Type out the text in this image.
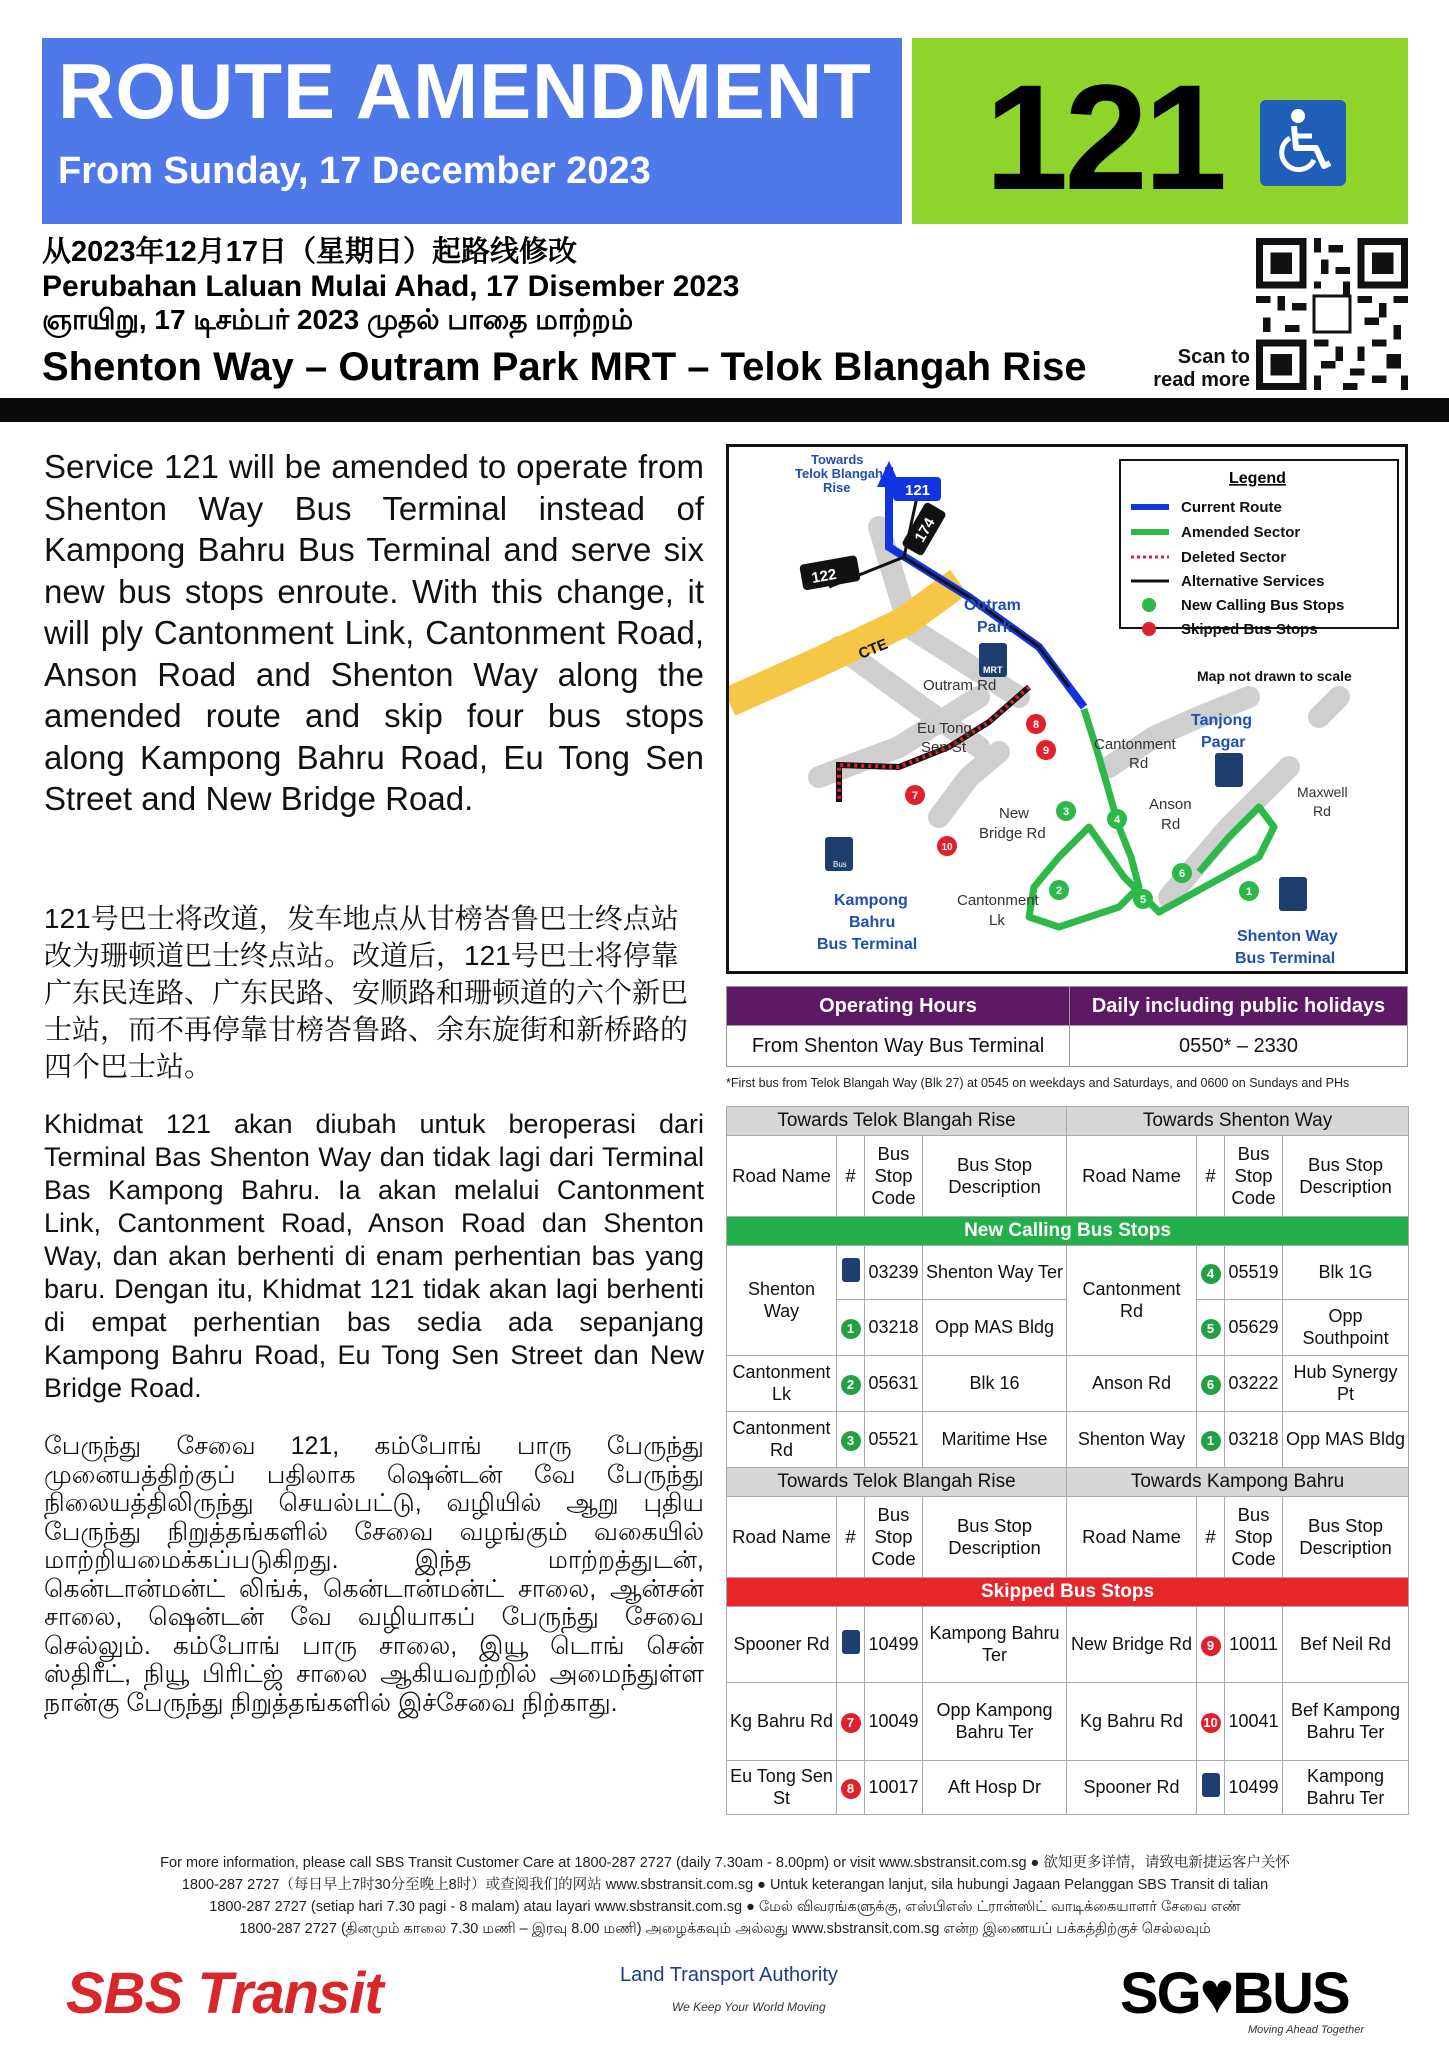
ROUTE AMENDMENT
From Sunday, 17 December 2023 121
从2023年12月17日（星期日）起路线修改
Perubahan Laluan Mulai Ahad, 17 Disember 2023
ஞாயிறு, 17 டிசம்பர் 2023 முதல் பாதை மாற்றம்
Shenton Way – Outram Park MRT – Telok Blangah Rise	Scan to read more
Service 121 will be amended to operate from Shenton Way Bus Terminal instead of Kampong Bahru Bus Terminal and serve six new bus stops enroute. With this change, it will ply Cantonment Link, Cantonment Road, Anson Road and Shenton Way along the amended route and skip four bus stops along Kampong Bahru Road, Eu Tong Sen Street and New Bridge Road.
121号巴士将改道，发车地点从甘榜峇鲁巴士终点站改为珊顿道巴士终点站。改道后，121号巴士将停靠广东民连路、广东民路、安顺路和珊顿道的六个新巴士站，而不再停靠甘榜峇鲁路、余东旋街和新桥路的四个巴士站。
Khidmat 121 akan diubah untuk beroperasi dari Terminal Bas Shenton Way dan tidak lagi dari Terminal Bas Kampong Bahru. Ia akan melalui Cantonment Link, Cantonment Road, Anson Road dan Shenton Way, dan akan berhenti di enam perhentian bas yang baru. Dengan itu, Khidmat 121 tidak akan lagi berhenti di empat perhentian bas sedia ada sepanjang Kampong Bahru Road, Eu Tong Sen Street dan New Bridge Road.
பேருந்து சேவை 121, கம்போங் பாரு பேருந்து முனையத்திற்குப் பதிலாக ஷென்டன் வே பேருந்து நிலையத்திலிருந்து செயல்பட்டு, வழியில் ஆறு புதிய பேருந்து நிறுத்தங்களில் சேவை வழங்கும் வகையில் மாற்றியமைக்கப்படுகிறது. இந்த மாற்றத்துடன், கென்டான்மன்ட் லிங்க், கென்டான்மன்ட் சாலை, ஆன்சன் சாலை, ஷென்டன் வே வழியாகப் பேருந்து சேவை செல்லும். கம்போங் பாரு சாலை, இயூ டொங் சென் ஸ்திரீட், நியூ பிரிட்ஜ் சாலை ஆகியவற்றில் அமைந்துள்ள நான்கு பேருந்து நிறுத்தங்களில் இச்சேவை நிற்காது.
CTE
122
121
174
Towards Telok Blangah Rise
Outram Park
MRT
Outram Rd
Eu Tong Sen St	Cantonment Rd
Tanjong Pagar
Maxwell Rd
Anson Rd
New Bridge Rd
Cantonment Lk
Bus
Kampong Bahru Bus Terminal	Shenton Way Bus Terminal
1
2
3
4
5
6
7
8
9
10
Legend
Current Route
Amended Sector
Deleted Sector
Alternative Services
New Calling Bus Stops
Skipped Bus Stops
Map not drawn to scale
Operating Hours	Daily including public holidays
From Shenton Way Bus Terminal	0550* – 2330
*First bus from Telok Blangah Way (Blk 27) at 0545 on weekdays and Saturdays, and 0600 on Sundays and PHs
Towards Telok Blangah Rise				Towards Shenton Way			
Road Name	#	Bus Stop Code	Bus Stop Description	Road Name	#	Bus Stop Code	Bus Stop Description
New Calling Bus Stops							
Shenton Way		03239	Shenton Way Ter	Cantonment Rd	4	05519	Blk 1G
	1	03218	Opp MAS Bldg		5	05629	Opp Southpoint
Cantonment Lk	2	05631	Blk 16	Anson Rd	6	03222	Hub Synergy Pt
Cantonment Rd	3	05521	Maritime Hse	Shenton Way	1	03218	Opp MAS Bldg
Towards Telok Blangah Rise				Towards Kampong Bahru			
Road Name	#	Bus Stop Code	Bus Stop Description	Road Name	#	Bus Stop Code	Bus Stop Description
Skipped Bus Stops							
Spooner Rd		10499	Kampong Bahru Ter	New Bridge Rd	9	10011	Bef Neil Rd
Kg Bahru Rd	7	10049	Opp Kampong Bahru Ter	Kg Bahru Rd	10	10041	Bef Kampong Bahru Ter
Eu Tong Sen St	8	10017	Aft Hosp Dr	Spooner Rd		10499	Kampong Bahru Ter
For more information, please call SBS Transit Customer Care at 1800-287 2727 (daily 7.30am - 8.00pm) or visit www.sbstransit.com.sg ● 欲知更多详情，请致电新捷运客户关怀
1800-287 2727（每日早上7时30分至晚上8时）或查阅我们的网站 www.sbstransit.com.sg ● Untuk keterangan lanjut, sila hubungi Jagaan Pelanggan SBS Transit di talian
1800-287 2727 (setiap hari 7.30 pagi - 8 malam) atau layari www.sbstransit.com.sg ● மேல் விவரங்களுக்கு, எஸ்பிஎஸ் ட்ரான்ஸிட் வாடிக்கையாளர் சேவை எண்
1800-287 2727 (தினமும் காலை 7.30 மணி – இரவு 8.00 மணி) அழைக்கவும் அல்லது www.sbstransit.com.sg என்ற இணையப் பக்கத்திற்குச் செல்லவும்
SBS Transit	Land Transport Authority
We Keep Your World Moving	SG♥BUS
Moving Ahead Together
